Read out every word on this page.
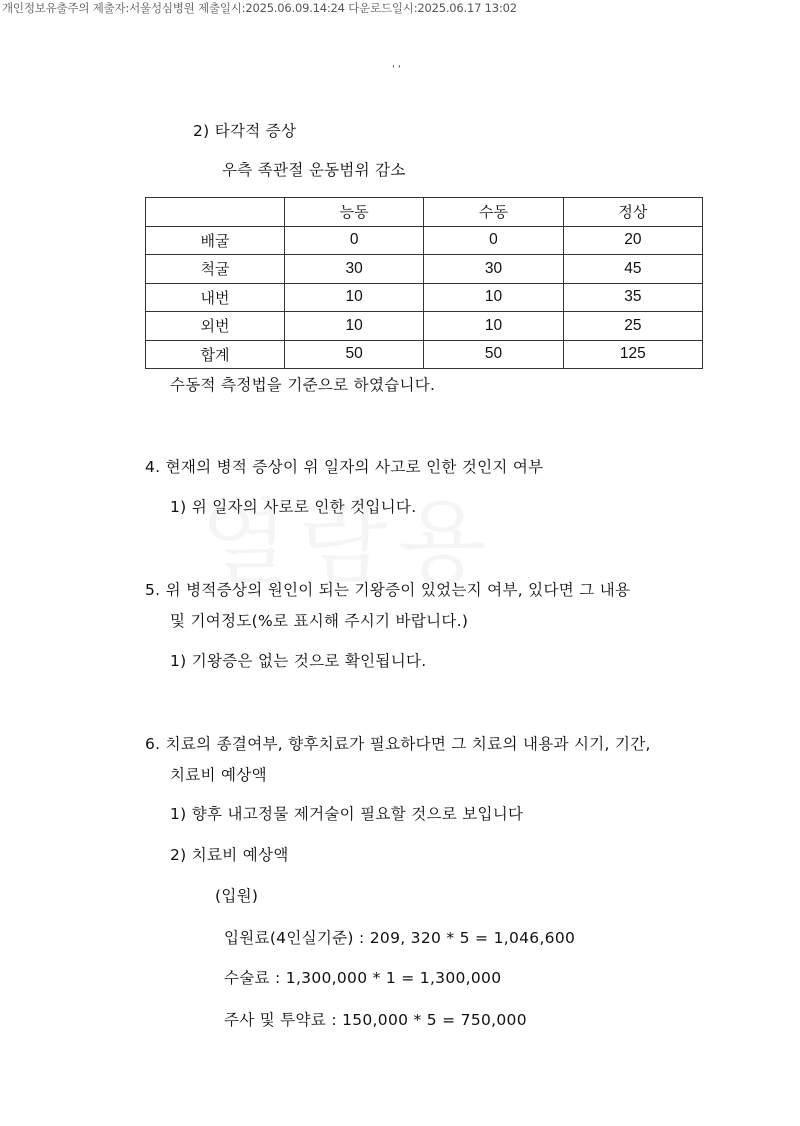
개인정보유출주의 제출자:서울성심병원 제출일시:2025.06.09.14:24 다운로드일시:2025.06.17 13:02
' '
2) 타각적 증상
우측 족관절 운동범위 감소
	능동	수동	정상
배굴	0	0	20
척굴	30	30	45
내번	10	10	35
외번	10	10	25
합계	50	50	125
수동적 측정법을 기준으로 하였습니다.
4. 현재의 병적 증상이 위 일자의 사고로 인한 것인지 여부
1) 위 일자의 사로로 인한 것입니다.
5. 위 병적증상의 원인이 되는 기왕증이 있었는지 여부, 있다면 그 내용
및 기여정도(%로 표시해 주시기 바랍니다.)
1) 기왕증은 없는 것으로 확인됩니다.
6. 치료의 종결여부, 향후치료가 필요하다면 그 치료의 내용과 시기, 기간,
치료비 예상액
1) 향후 내고정물 제거술이 필요할 것으로 보입니다
2) 치료비 예상액
(입원)
입원료(4인실기준) : 209, 320 * 5 = 1,046,600
수술료 : 1,300,000 * 1 = 1,300,000
주사 및 투약료 : 150,000 * 5 = 750,000
